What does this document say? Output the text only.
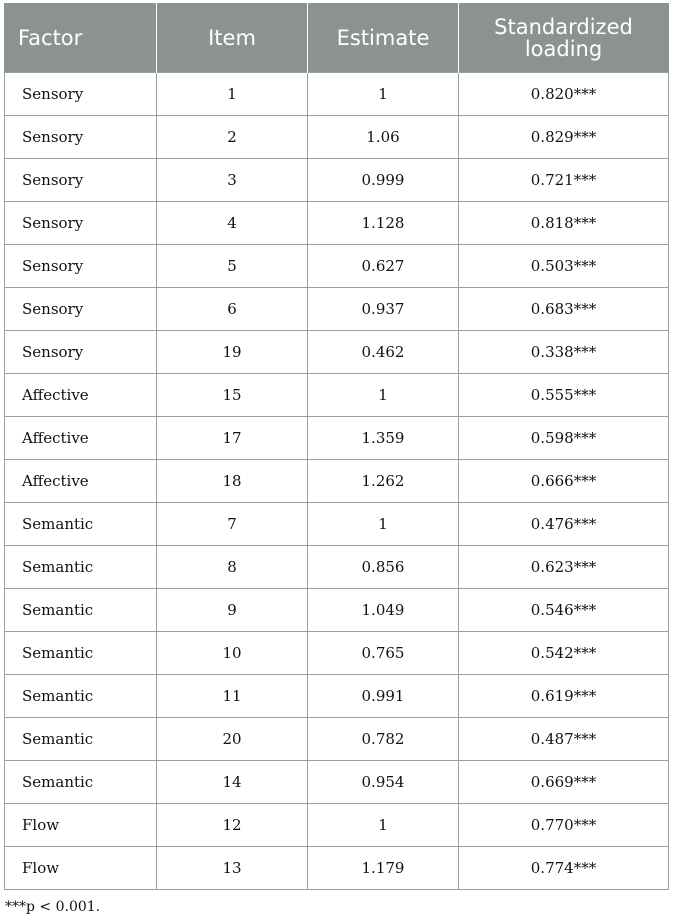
Factor	Item	Estimate	Standardized loading
Sensory	1	1	0.820***
Sensory	2	1.06	0.829***
Sensory	3	0.999	0.721***
Sensory	4	1.128	0.818***
Sensory	5	0.627	0.503***
Sensory	6	0.937	0.683***
Sensory	19	0.462	0.338***
Affective	15	1	0.555***
Affective	17	1.359	0.598***
Affective	18	1.262	0.666***
Semantic	7	1	0.476***
Semantic	8	0.856	0.623***
Semantic	9	1.049	0.546***
Semantic	10	0.765	0.542***
Semantic	11	0.991	0.619***
Semantic	20	0.782	0.487***
Semantic	14	0.954	0.669***
Flow	12	1	0.770***
Flow	13	1.179	0.774***
***p < 0.001.
